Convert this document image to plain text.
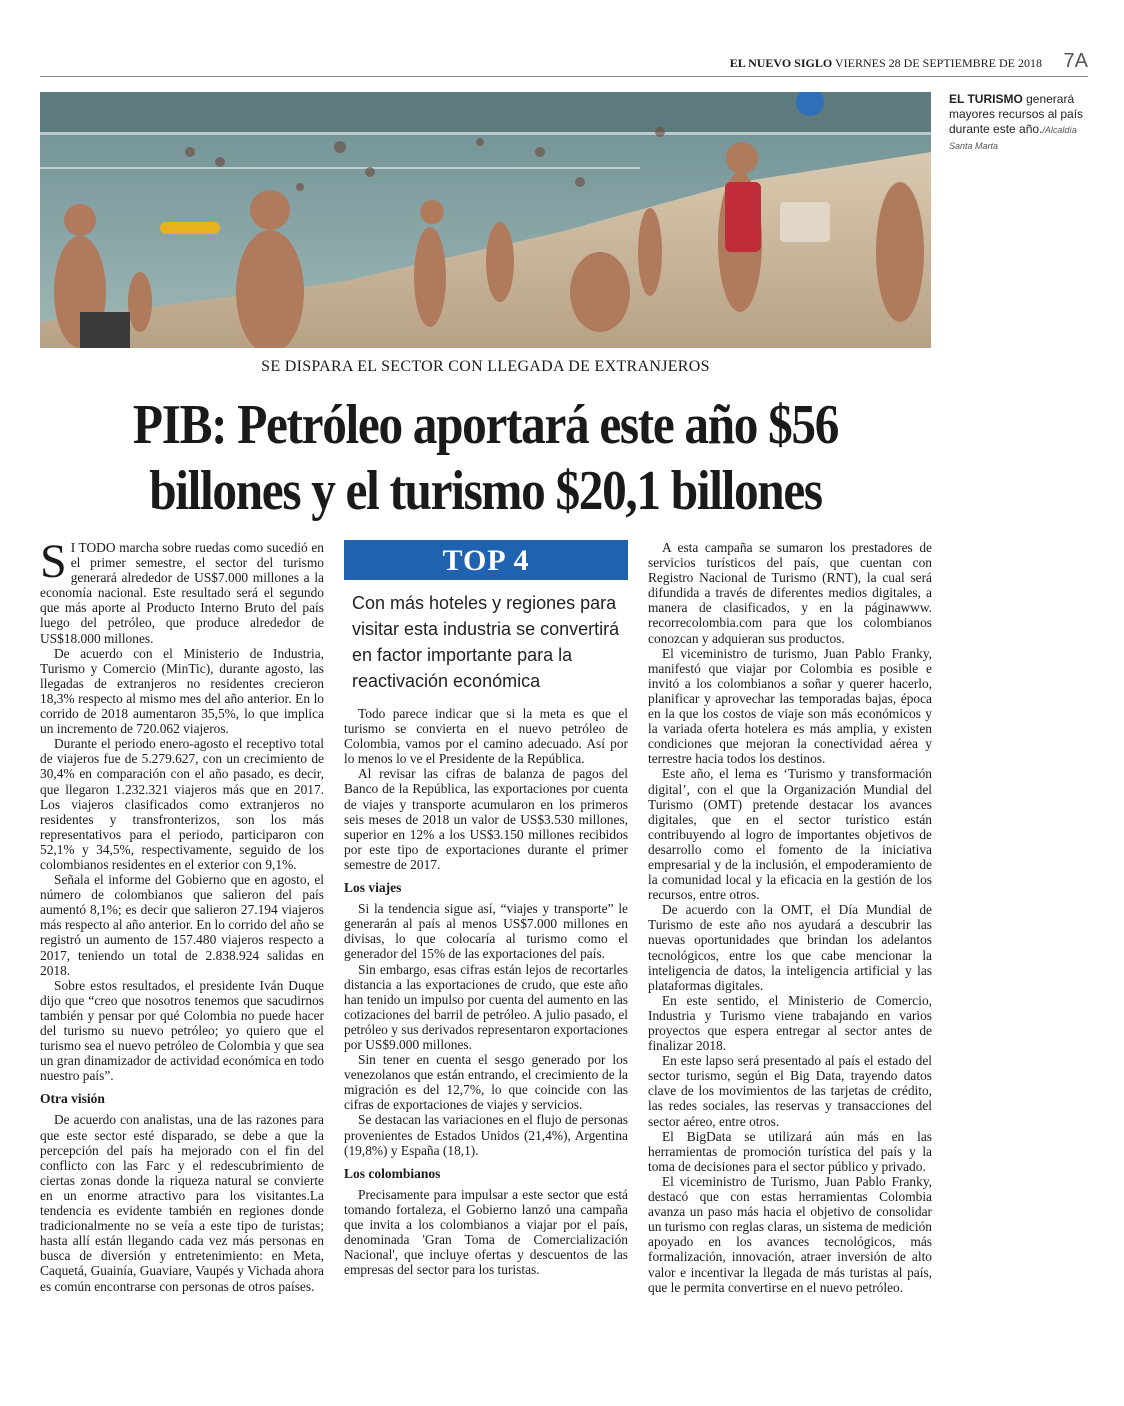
EL NUEVO SIGLO VIERNES 28 DE SEPTIEMBRE DE 2018 7A
EL TURISMO generará mayores recursos al país durante este año./Alcaldía Santa Marta
SE DISPARA EL SECTOR CON LLEGADA DE EXTRANJEROS
PIB: Petróleo aportará este año $56
billones y el turismo $20,1 billones

S I TODO marcha sobre ruedas como sucedió en el primer semestre, el sector del turismo generará alrededor de US$7.000 millones a la economía nacional. Este resultado será el segundo que más aporte al Producto Interno Bruto del país luego del petróleo, que produce alrededor de US$18.000 millones.

De acuerdo con el Ministerio de Industria, Turismo y Comercio (MinTic), durante agosto, las llegadas de extranjeros no residentes crecieron 18,3% respecto al mismo mes del año anterior. En lo corrido de 2018 aumentaron 35,5%, lo que implica un incremento de 720.062 viajeros.

Durante el periodo enero-agosto el receptivo total de viajeros fue de 5.279.627, con un crecimiento de 30,4% en comparación con el año pasado, es decir, que llegaron 1.232.321 viajeros más que en 2017. Los viajeros clasificados como extranjeros no residentes y transfronterizos, son los más representativos para el periodo, participaron con 52,1% y 34,5%, respectivamente, seguido de los colombianos residentes en el exterior con 9,1%.

Señala el informe del Gobierno que en agosto, el número de colombianos que salieron del país aumentó 8,1%; es decir que salieron 27.194 viajeros más respecto al año anterior. En lo corrido del año se registró un aumento de 157.480 viajeros respecto a 2017, teniendo un total de 2.838.924 salidas en 2018.

Sobre estos resultados, el presidente Iván Duque dijo que “creo que nosotros tenemos que sacudirnos también y pensar por qué Colombia no puede hacer del turismo su nuevo petróleo; yo quiero que el turismo sea el nuevo petróleo de Colombia y que sea un gran dinamizador de actividad económica en todo nuestro país”.

Otra visión

De acuerdo con analistas, una de las razones para que este sector esté disparado, se debe a que la percepción del país ha mejorado con el fin del conflicto con las Farc y el redescubrimiento de ciertas zonas donde la riqueza natural se convierte en un enorme atractivo para los visitantes.La tendencia es evidente también en regiones donde tradicionalmente no se veía a este tipo de turistas; hasta allí están llegando cada vez más personas en busca de diversión y entretenimiento: en Meta, Caquetá, Guainía, Guaviare, Vaupés y Vichada ahora es común encontrarse con personas de otros países.

TOP 4
Con más hoteles y regiones para visitar esta industria se convertirá en factor importante para la reactivación económica

Todo parece indicar que si la meta es que el turismo se convierta en el nuevo petróleo de Colombia, vamos por el camino adecuado. Así por lo menos lo ve el Presidente de la República.

Al revisar las cifras de balanza de pagos del Banco de la República, las exportaciones por cuenta de viajes y transporte acumularon en los primeros seis meses de 2018 un valor de US$3.530 millones, superior en 12% a los US$3.150 millones recibidos por este tipo de exportaciones durante el primer semestre de 2017.

Los viajes

Si la tendencia sigue así, “viajes y transporte” le generarán al país al menos US$7.000 millones en divisas, lo que colocaría al turismo como el generador del 15% de las exportaciones del país.

Sin embargo, esas cifras están lejos de recortarles distancia a las exportaciones de crudo, que este año han tenido un impulso por cuenta del aumento en las cotizaciones del barril de petróleo. A julio pasado, el petróleo y sus derivados representaron exportaciones por US$9.000 millones.

Sin tener en cuenta el sesgo generado por los venezolanos que están entrando, el crecimiento de la migración es del 12,7%, lo que coincide con las cifras de exportaciones de viajes y servicios.

Se destacan las variaciones en el flujo de personas provenientes de Estados Unidos (21,4%), Argentina (19,8%) y España (18,1).

Los colombianos

Precisamente para impulsar a este sector que está tomando fortaleza, el Gobierno lanzó una campaña que invita a los colombianos a viajar por el país, denominada 'Gran Toma de Comercialización Nacional', que incluye ofertas y descuentos de las empresas del sector para los turistas.

A esta campaña se sumaron los prestadores de servicios turísticos del país, que cuentan con Registro Nacional de Turismo (RNT), la cual será difundida a través de diferentes medios digitales, a manera de clasificados, y en la páginawww. recorrecolombia.com para que los colombianos conozcan y adquieran sus productos.

El viceministro de turismo, Juan Pablo Franky, manifestó que viajar por Colombia es posible e invitó a los colombianos a soñar y querer hacerlo, planificar y aprovechar las temporadas bajas, época en la que los costos de viaje son más económicos y la variada oferta hotelera es más amplia, y existen condiciones que mejoran la conectividad aérea y terrestre hacia todos los destinos.

Este año, el lema es ‘Turismo y transformación digital’, con el que la Organización Mundial del Turismo (OMT) pretende destacar los avances digitales, que en el sector turístico están contribuyendo al logro de importantes objetivos de desarrollo como el fomento de la iniciativa empresarial y de la inclusión, el empoderamiento de la comunidad local y la eficacia en la gestión de los recursos, entre otros.

De acuerdo con la OMT, el Día Mundial de Turismo de este año nos ayudará a descubrir las nuevas oportunidades que brindan los adelantos tecnológicos, entre los que cabe mencionar la inteligencia de datos, la inteligencia artificial y las plataformas digitales.

En este sentido, el Ministerio de Comercio, Industria y Turismo viene trabajando en varios proyectos que espera entregar al sector antes de finalizar 2018.

En este lapso será presentado al país el estado del sector turismo, según el Big Data, trayendo datos clave de los movimientos de las tarjetas de crédito, las redes sociales, las reservas y transacciones del sector aéreo, entre otros.

El BigData se utilizará aún más en las herramientas de promoción turística del país y la toma de decisiones para el sector público y privado.

El viceministro de Turismo, Juan Pablo Franky, destacó que con estas herramientas Colombia avanza un paso más hacia el objetivo de consolidar un turismo con reglas claras, un sistema de medición apoyado en los avances tecnológicos, más formalización, innovación, atraer inversión de alto valor e incentivar la llegada de más turistas al país, que le permita convertirse en el nuevo petróleo.
